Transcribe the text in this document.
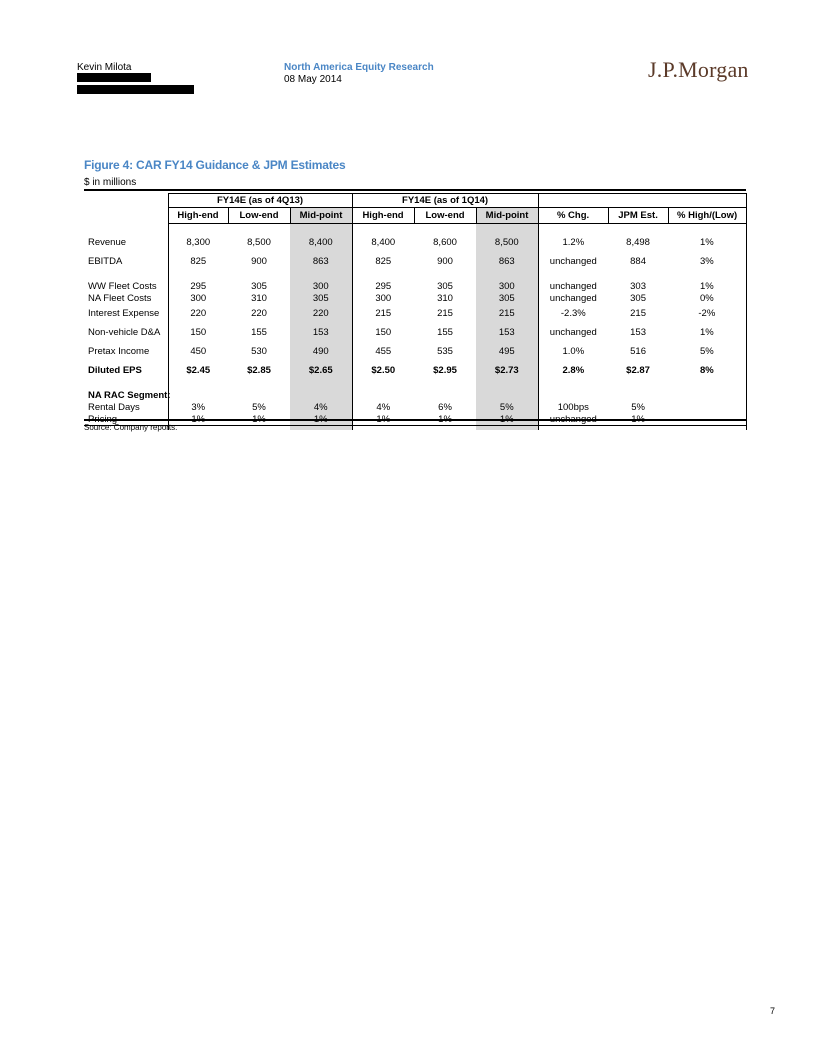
Kevin Milota	North America Equity Research
08 May 2014	J.P.Morgan
Figure 4: CAR FY14 Guidance & JPM Estimates
$ in millions
	FY14E (as of 4Q13)			FY14E (as of 1Q14)					
	High-end	Low-end	Mid-point	High-end	Low-end	Mid-point	% Chg.	JPM Est.	% High/(Low)

Revenue	8,300	8,500	8,400	8,400	8,600	8,500	1.2%	8,498	1%
EBITDA	825	900	863	825	900	863	unchanged	884	3%

WW Fleet Costs	295	305	300	295	305	300	unchanged	303	1%
NA Fleet Costs	300	310	305	300	310	305	unchanged	305	0%
Interest Expense	220	220	220	215	215	215	-2.3%	215	-2%
Non-vehicle D&A	150	155	153	150	155	153	unchanged	153	1%
Pretax Income	450	530	490	455	535	495	1.0%	516	5%
Diluted EPS	$2.45	$2.85	$2.65	$2.50	$2.95	$2.73	2.8%	$2.87	8%

NA RAC Segment:									
Rental Days	3%	5%	4%	4%	6%	5%	100bps	5%	
Pricing	1%	1%	1%	1%	1%	1%	unchanged	1%	

Source: Company reports.
7
